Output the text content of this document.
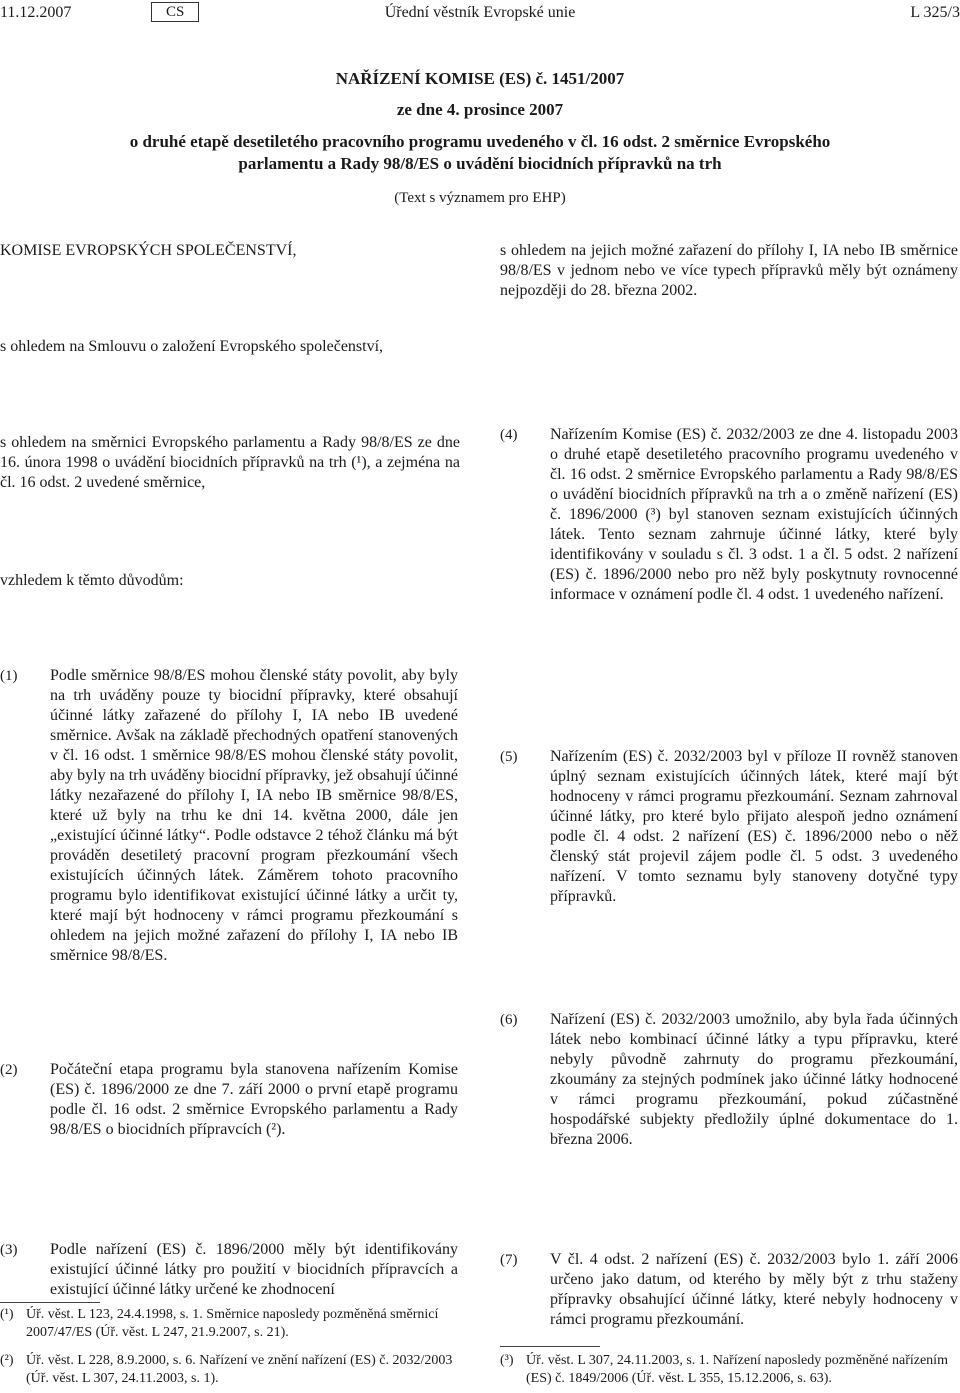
11.12.2007	CS	Úřední věstník Evropské unie	L 325/3
NAŘÍZENÍ KOMISE (ES) č. 1451/2007
ze dne 4. prosince 2007
o druhé etapě desetiletého pracovního programu uvedeného v čl. 16 odst. 2 směrnice Evropského
parlamentu a Rady 98/8/ES o uvádění biocidních přípravků na trh
(Text s významem pro EHP)
KOMISE EVROPSKÝCH SPOLEČENSTVÍ,
s ohledem na Smlouvu o založení Evropského společenství,
s ohledem na směrnici Evropského parlamentu a Rady 98/8/ES ze dne 16. února 1998 o uvádění biocidních přípravků na trh (¹), a zejména na čl. 16 odst. 2 uvedené směrnice,
vzhledem k těmto důvodům:
s ohledem na jejich možné zařazení do přílohy I, IA nebo IB směrnice 98/8/ES v jednom nebo ve více typech přípravků měly být oznámeny nejpozději do 28. března 2002.
(1) Podle směrnice 98/8/ES mohou členské státy povolit, aby byly na trh uváděny pouze ty biocidní přípravky, které obsahují účinné látky zařazené do přílohy I, IA nebo IB uvedené směrnice. Avšak na základě přechodných opatření stanovených v čl. 16 odst. 1 směrnice 98/8/ES mohou členské státy povolit, aby byly na trh uváděny biocidní přípravky, jež obsahují účinné látky nezařazené do přílohy I, IA nebo IB směrnice 98/8/ES, které už byly na trhu ke dni 14. května 2000, dále jen „existující účinné látky“. Podle odstavce 2 téhož článku má být prováděn desetiletý pracovní program přezkoumání všech existujících účinných látek. Záměrem tohoto pracovního programu bylo identifikovat existující účinné látky a určit ty, které mají být hodnoceny v rámci programu přezkoumání s ohledem na jejich možné zařazení do přílohy I, IA nebo IB směrnice 98/8/ES.
(2) Počáteční etapa programu byla stanovena nařízením Komise (ES) č. 1896/2000 ze dne 7. září 2000 o první etapě programu podle čl. 16 odst. 2 směrnice Evropského parlamentu a Rady 98/8/ES o biocidních přípravcích (²).
(3) Podle nařízení (ES) č. 1896/2000 měly být identifikovány existující účinné látky pro použití v biocidních přípravcích a existující účinné látky určené ke zhodnocení
(4) Nařízením Komise (ES) č. 2032/2003 ze dne 4. listopadu 2003 o druhé etapě desetiletého pracovního programu uvedeného v čl. 16 odst. 2 směrnice Evropského parlamentu a Rady 98/8/ES o uvádění biocidních přípravků na trh a o změně nařízení (ES) č. 1896/2000 (³) byl stanoven seznam existujících účinných látek. Tento seznam zahrnuje účinné látky, které byly identifikovány v souladu s čl. 3 odst. 1 a čl. 5 odst. 2 nařízení (ES) č. 1896/2000 nebo pro něž byly poskytnuty rovnocenné informace v oznámení podle čl. 4 odst. 1 uvedeného nařízení.
(5) Nařízením (ES) č. 2032/2003 byl v příloze II rovněž stanoven úplný seznam existujících účinných látek, které mají být hodnoceny v rámci programu přezkoumání. Seznam zahrnoval účinné látky, pro které bylo přijato alespoň jedno oznámení podle čl. 4 odst. 2 nařízení (ES) č. 1896/2000 nebo o něž členský stát projevil zájem podle čl. 5 odst. 3 uvedeného nařízení. V tomto seznamu byly stanoveny dotyčné typy přípravků.
(6) Nařízení (ES) č. 2032/2003 umožnilo, aby byla řada účinných látek nebo kombinací účinné látky a typu přípravku, které nebyly původně zahrnuty do programu přezkoumání, zkoumány za stejných podmínek jako účinné látky hodnocené v rámci programu přezkoumání, pokud zúčastněné hospodářské subjekty předložily úplné dokumentace do 1. března 2006.
(7) V čl. 4 odst. 2 nařízení (ES) č. 2032/2003 bylo 1. září 2006 určeno jako datum, od kterého by měly být z trhu staženy přípravky obsahující účinné látky, které nebyly hodnoceny v rámci programu přezkoumání.
(¹) Úř. věst. L 123, 24.4.1998, s. 1. Směrnice naposledy pozměněná směrnicí 2007/47/ES (Úř. věst. L 247, 21.9.2007, s. 21).
(²) Úř. věst. L 228, 8.9.2000, s. 6. Nařízení ve znění nařízení (ES) č. 2032/2003 (Úř. věst. L 307, 24.11.2003, s. 1).
(³) Úř. věst. L 307, 24.11.2003, s. 1. Nařízení naposledy pozměněné nařízením (ES) č. 1849/2006 (Úř. věst. L 355, 15.12.2006, s. 63).
